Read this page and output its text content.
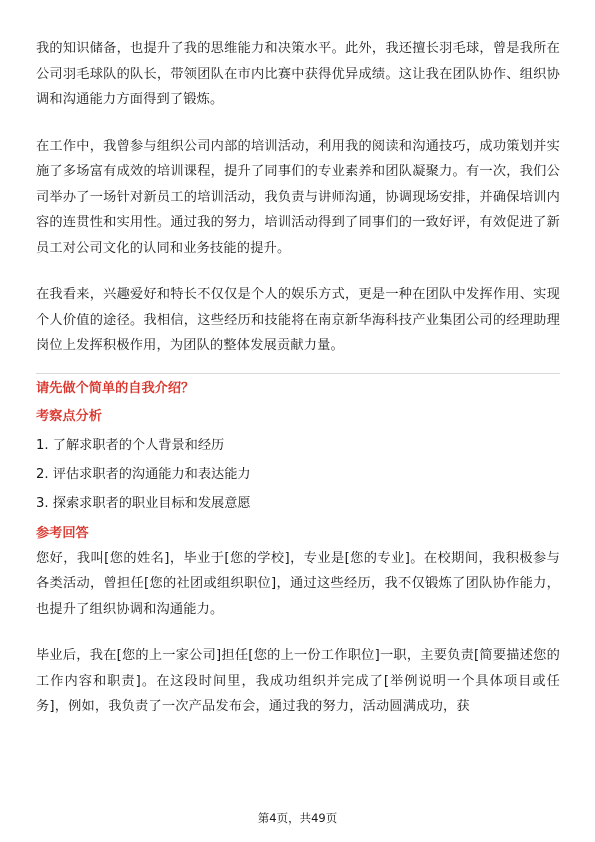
我的知识储备，也提升了我的思维能力和决策水平。此外，我还擅长羽毛球，曾是我所在公司羽毛球队的队长，带领团队在市内比赛中获得优异成绩。这让我在团队协作、组织协调和沟通能力方面得到了锻炼。

在工作中，我曾参与组织公司内部的培训活动，利用我的阅读和沟通技巧，成功策划并实施了多场富有成效的培训课程，提升了同事们的专业素养和团队凝聚力。有一次，我们公司举办了一场针对新员工的培训活动，我负责与讲师沟通，协调现场安排，并确保培训内容的连贯性和实用性。通过我的努力，培训活动得到了同事们的一致好评，有效促进了新员工对公司文化的认同和业务技能的提升。

在我看来，兴趣爱好和特长不仅仅是个人的娱乐方式，更是一种在团队中发挥作用、实现个人价值的途径。我相信，这些经历和技能将在南京新华海科技产业集团公司的经理助理岗位上发挥积极作用，为团队的整体发展贡献力量。

请先做个简单的自我介绍？

考察点分析

1. 了解求职者的个人背景和经历
2. 评估求职者的沟通能力和表达能力
3. 探索求职者的职业目标和发展意愿

参考回答

您好，我叫[您的姓名]，毕业于[您的学校]，专业是[您的专业]。在校期间，我积极参与各类活动，曾担任[您的社团或组织职位]，通过这些经历，我不仅锻炼了团队协作能力，也提升了组织协调和沟通能力。

毕业后，我在[您的上一家公司]担任[您的上一份工作职位]一职，主要负责[简要描述您的工作内容和职责]。在这段时间里，我成功组织并完成了[举例说明一个具体项目或任务]，例如，我负责了一次产品发布会，通过我的努力，活动圆满成功，获

第4页，共49页
